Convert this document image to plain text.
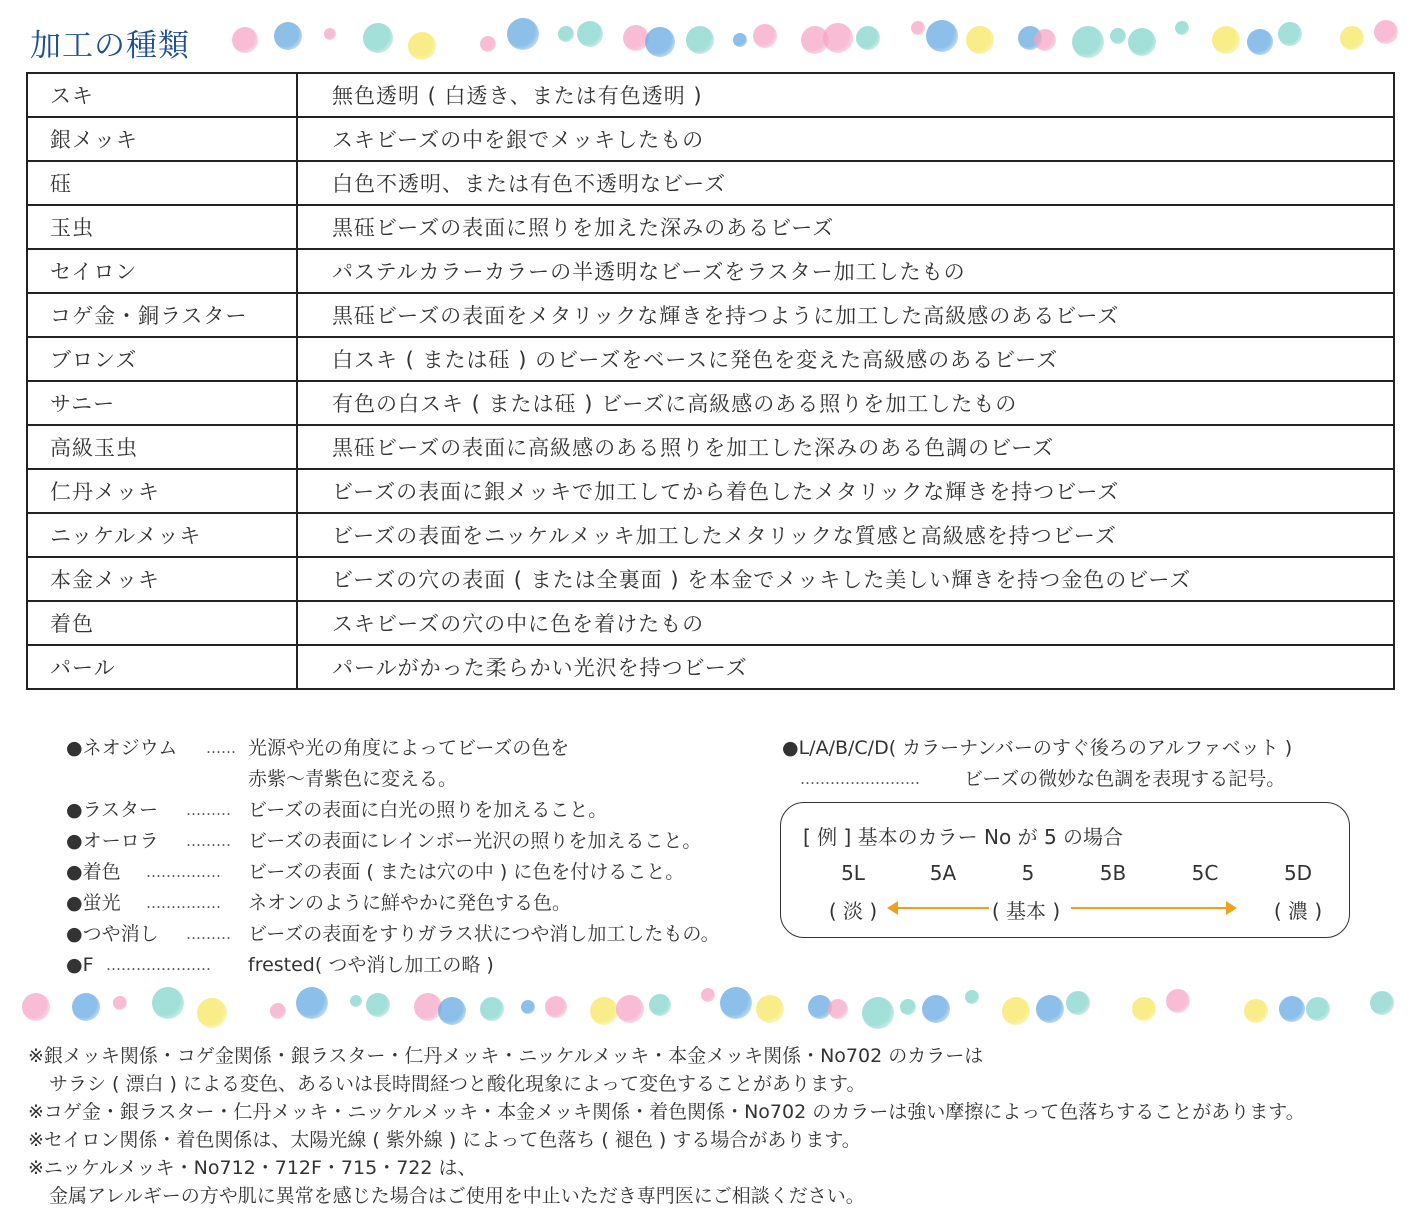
加工の種類
スキ	無色透明 ( 白透き、または有色透明 )
銀メッキ	スキビーズの中を銀でメッキしたもの
砡	白色不透明、または有色不透明なビーズ
玉虫	黒砡ビーズの表面に照りを加えた深みのあるビーズ
セイロン	パステルカラーカラーの半透明なビーズをラスター加工したもの
コゲ金・銅ラスター	黒砡ビーズの表面をメタリックな輝きを持つように加工した高級感のあるビーズ
ブロンズ	白スキ ( または砡 ) のビーズをベースに発色を変えた高級感のあるビーズ
サニー	有色の白スキ ( または砡 ) ビーズに高級感のある照りを加工したもの
高級玉虫	黒砡ビーズの表面に高級感のある照りを加工した深みのある色調のビーズ
仁丹メッキ	ビーズの表面に銀メッキで加工してから着色したメタリックな輝きを持つビーズ
ニッケルメッキ	ビーズの表面をニッケルメッキ加工したメタリックな質感と高級感を持つビーズ
本金メッキ	ビーズの穴の表面 ( または全裏面 ) を本金でメッキした美しい輝きを持つ金色のビーズ
着色	スキビーズの穴の中に色を着けたもの
パール	パールがかった柔らかい光沢を持つビーズ
●ネオジウム …… 光源や光の角度によってビーズの色を
赤紫～青紫色に変える。
●ラスター ……… ビーズの表面に白光の照りを加えること。
●オーロラ ……… ビーズの表面にレインボー光沢の照りを加えること。
●着色 …………… ビーズの表面 ( または穴の中 ) に色を付けること。
●蛍光 …………… ネオンのように鮮やかに発色する色。
●つや消し ……… ビーズの表面をすりガラス状につや消し加工したもの。
●F ………………… frested( つや消し加工の略 )
●L/A/B/C/D( カラーナンバーのすぐ後ろのアルファベット )
…………………… ビーズの微妙な色調を表現する記号。
[ 例 ] 基本のカラー No が 5 の場合
5L	5A	5	5B	5C	5D
( 淡 )	( 基本 )	( 濃 )
※銀メッキ関係・コゲ金関係・銀ラスター・仁丹メッキ・ニッケルメッキ・本金メッキ関係・No702 のカラーは
サラシ ( 漂白 ) による変色、あるいは長時間経つと酸化現象によって変色することがあります。
※コゲ金・銀ラスター・仁丹メッキ・ニッケルメッキ・本金メッキ関係・着色関係・No702 のカラーは強い摩擦によって色落ちすることがあります。
※セイロン関係・着色関係は、太陽光線 ( 紫外線 ) によって色落ち ( 褪色 ) する場合があります。
※ニッケルメッキ・No712・712F・715・722 は、
金属アレルギーの方や肌に異常を感じた場合はご使用を中止いただき専門医にご相談ください。
